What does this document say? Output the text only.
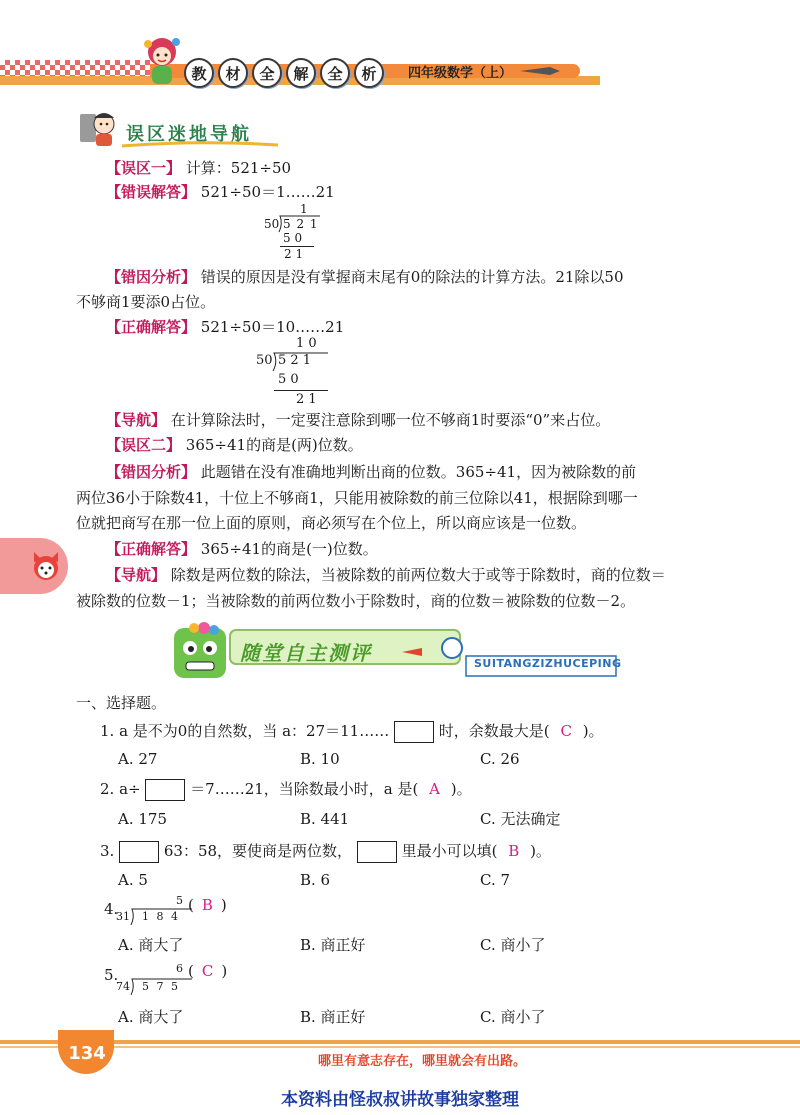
教	材	全	解	全	析	四年级数学（上）
误区迷地导航
【误区一】 计算：521÷50
【错误解答】 521÷50＝1……21
1
50 5 2 1
5 0
2 1
【错因分析】 错误的原因是没有掌握商末尾有0的除法的计算方法。21除以50
不够商1要添0占位。
【正确解答】 521÷50＝10……21
1 0
50 5 2 1
5 0
2 1
【导航】 在计算除法时，一定要注意除到哪一位不够商1时要添“0”来占位。
【误区二】 365÷41的商是(两)位数。
【错因分析】 此题错在没有准确地判断出商的位数。365÷41，因为被除数的前
两位36小于除数41，十位上不够商1，只能用被除数的前三位除以41，根据除到哪一
位就把商写在那一位上面的原则，商必须写在个位上，所以商应该是一位数。
【正确解答】 365÷41的商是(一)位数。
【导航】 除数是两位数的除法，当被除数的前两位数大于或等于除数时，商的位数＝
被除数的位数－1；当被除数的前两位数小于除数时，商的位数＝被除数的位数－2。
随堂自主测评	SUITANGZIZHUCEPING
一、选择题。
1. a 是不为0的自然数，当 a：27＝11……	时，余数最大是( C )。
A. 27	B. 10	C. 26
2. a÷	＝7……21，当除数最小时，a 是( A )。
A. 175	B. 441	C. 无法确定
3.	63：58，要使商是两位数，	里最小可以填( B )。
A. 5	B. 6	C. 7
4.	5
31 1 8 4
( B )
A. 商大了	B. 商正好	C. 商小了
5.	6
74 5 7 5
( C )
A. 商大了	B. 商正好	C. 商小了
134	哪里有意志存在，哪里就会有出路。
本资料由怪叔叔讲故事独家整理
